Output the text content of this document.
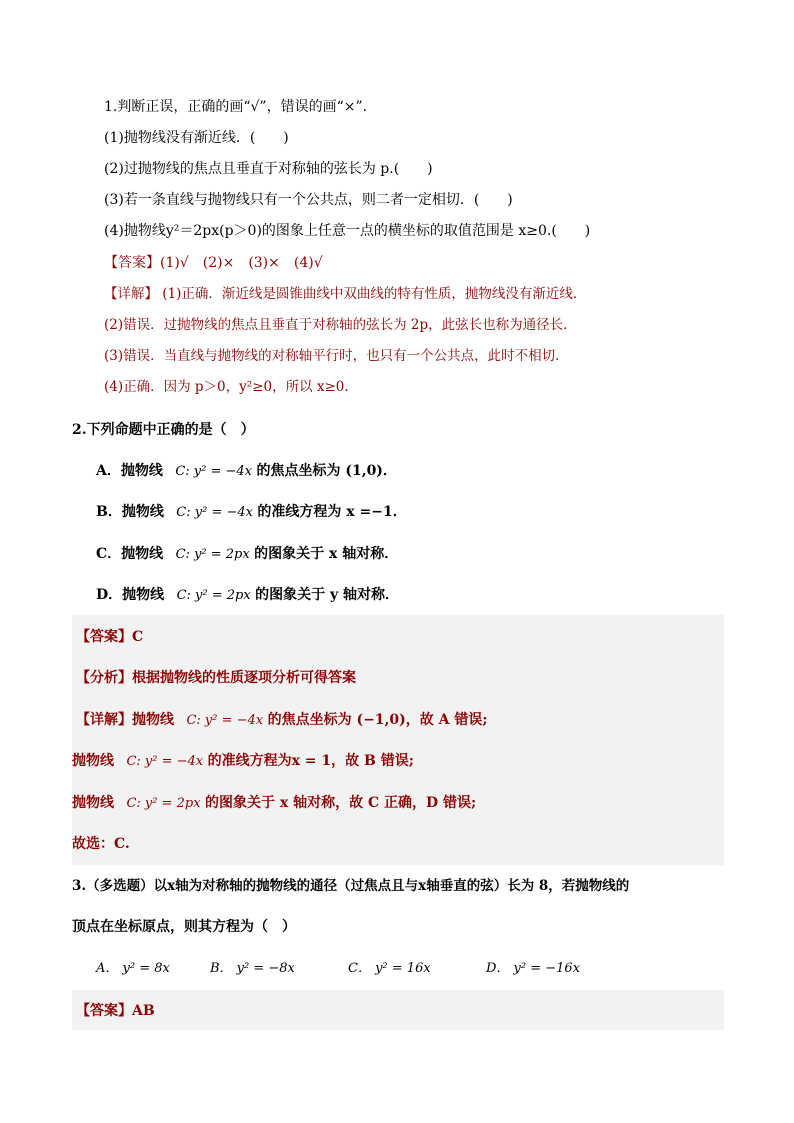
1.判断正误，正确的画“√”，错误的画“×”．
(1)抛物线没有渐近线．(　　)
(2)过抛物线的焦点且垂直于对称轴的弦长为 p.(　　)
(3)若一条直线与抛物线只有一个公共点，则二者一定相切．(　　)
(4)抛物线y²＝2px(p＞0)的图象上任意一点的横坐标的取值范围是 x≥0.(　　)
【答案】(1)√　(2)×　(3)×　(4)√
【详解】 (1)正确．渐近线是圆锥曲线中双曲线的特有性质，抛物线没有渐近线．
(2)错误．过抛物线的焦点且垂直于对称轴的弦长为 2p，此弦长也称为通径长．
(3)错误．当直线与抛物线的对称轴平行时，也只有一个公共点，此时不相切．
(4)正确．因为 p＞0，y²≥0，所以 x≥0.
2.下列命题中正确的是（　）
A．抛物线 C: y² = −4x 的焦点坐标为 (1,0)．
B．抛物线 C: y² = −4x 的准线方程为 x =−1．
C．抛物线 C: y² = 2px 的图象关于 x 轴对称．
D．抛物线 C: y² = 2px 的图象关于 y 轴对称．
【答案】C
【分析】根据抛物线的性质逐项分析可得答案
【详解】抛物线 C: y² = −4x 的焦点坐标为 (−1,0)，故 A 错误;
抛物线 C: y² = −4x 的准线方程为x = 1，故 B 错误;
抛物线 C: y² = 2px 的图象关于 x 轴对称，故 C 正确，D 错误;
故选：C.
3.（多选题）以x轴为对称轴的抛物线的通径（过焦点且与x轴垂直的弦）长为 8，若抛物线的
顶点在坐标原点，则其方程为（　）
A． y² = 8x	B． y² = −8x	C． y² = 16x	D． y² = −16x
【答案】AB
